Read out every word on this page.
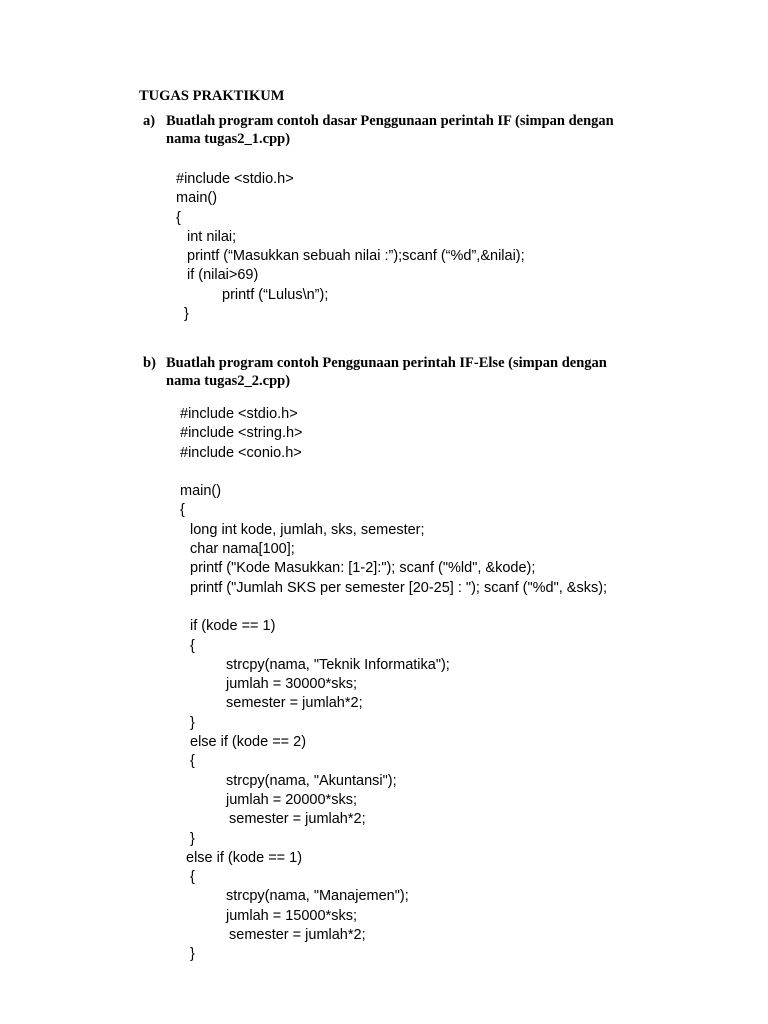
TUGAS PRAKTIKUM
a) Buatlah program contoh dasar Penggunaan perintah IF (simpan dengan
nama tugas2_1.cpp)
#include <stdio.h>
main()
{
int nilai;
printf (“Masukkan sebuah nilai :”);scanf (“%d”,&nilai);
if (nilai>69)
printf (“Lulus\n”);
}
b) Buatlah program contoh Penggunaan perintah IF-Else (simpan dengan
nama tugas2_2.cpp)
#include <stdio.h>
#include <string.h>
#include <conio.h>
main()
{
long int kode, jumlah, sks, semester;
char nama[100];
printf ("Kode Masukkan: [1-2]:"); scanf ("%ld", &kode);
printf ("Jumlah SKS per semester [20-25] : "); scanf ("%d", &sks);
if (kode == 1)
{
strcpy(nama, "Teknik Informatika");
jumlah = 30000*sks;
semester = jumlah*2;
}
else if (kode == 2)
{
strcpy(nama, "Akuntansi");
jumlah = 20000*sks;
semester = jumlah*2;
}
else if (kode == 1)
{
strcpy(nama, "Manajemen");
jumlah = 15000*sks;
semester = jumlah*2;
}
